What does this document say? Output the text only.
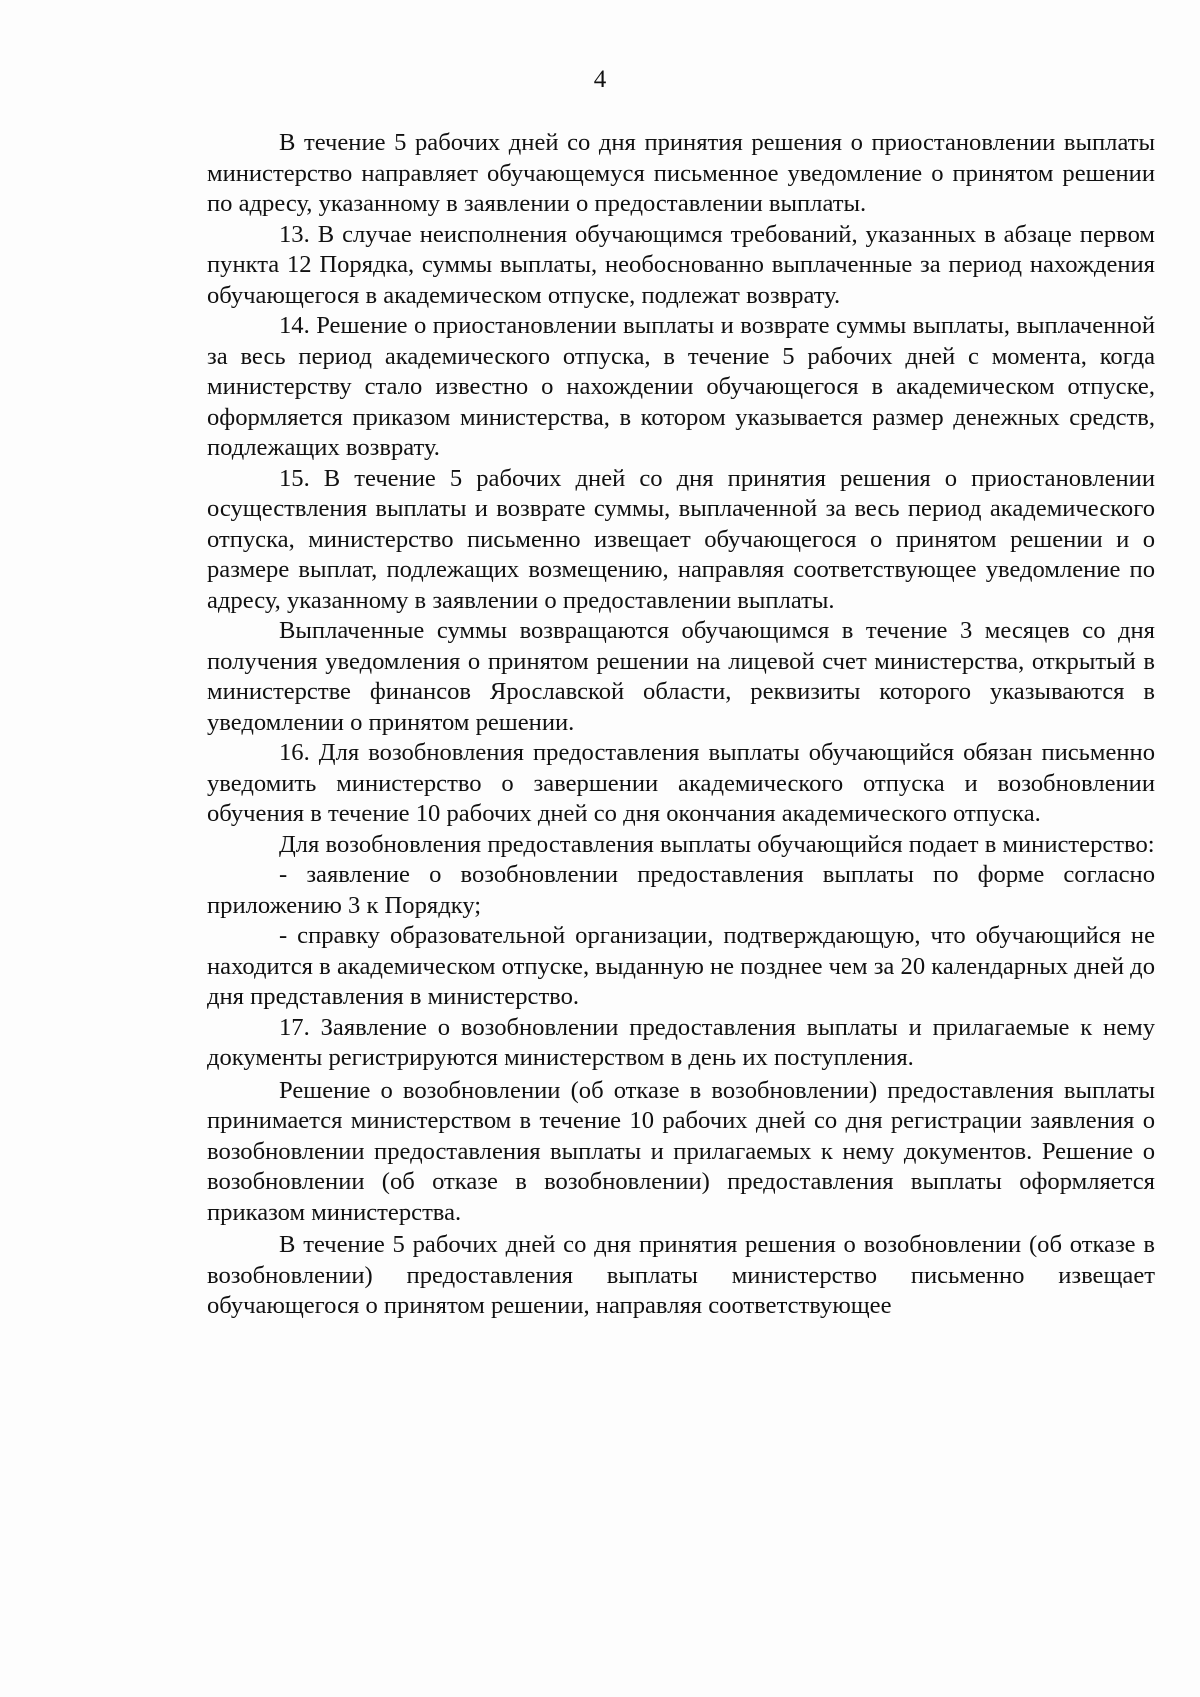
4

В течение 5 рабочих дней со дня принятия решения о приостановлении выплаты министерство направляет обучающемуся письменное уведомление о принятом решении по адресу, указанному в заявлении о предоставлении выплаты.

13. В случае неисполнения обучающимся требований, указанных в абзаце первом пункта 12 Порядка, суммы выплаты, необоснованно выплаченные за период нахождения обучающегося в академическом отпуске, подлежат возврату.

14. Решение о приостановлении выплаты и возврате суммы выплаты, выплаченной за весь период академического отпуска, в течение 5 рабочих дней с момента, когда министерству стало известно о нахождении обучающегося в академическом отпуске, оформляется приказом министерства, в котором указывается размер денежных средств, подлежащих возврату.

15. В течение 5 рабочих дней со дня принятия решения о приостановлении осуществления выплаты и возврате суммы, выплаченной за весь период академического отпуска, министерство письменно извещает обучающегося о принятом решении и о размере выплат, подлежащих возмещению, направляя соответствующее уведомление по адресу, указанному в заявлении о предоставлении выплаты.

Выплаченные суммы возвращаются обучающимся в течение 3 месяцев со дня получения уведомления о принятом решении на лицевой счет министерства, открытый в министерстве финансов Ярославской области, реквизиты которого указываются в уведомлении о принятом решении.

16. Для возобновления предоставления выплаты обучающийся обязан письменно уведомить министерство о завершении академического отпуска и возобновлении обучения в течение 10 рабочих дней со дня окончания академического отпуска.

Для возобновления предоставления выплаты обучающийся подает в министерство:

- заявление о возобновлении предоставления выплаты по форме согласно приложению 3 к Порядку;

- справку образовательной организации, подтверждающую, что обучающийся не находится в академическом отпуске, выданную не позднее чем за 20 календарных дней до дня представления в министерство.

17. Заявление о возобновлении предоставления выплаты и прилагаемые к нему документы регистрируются министерством в день их поступления.

Решение о возобновлении (об отказе в возобновлении) предоставления выплаты принимается министерством в течение 10 рабочих дней со дня регистрации заявления о возобновлении предоставления выплаты и прилагаемых к нему документов. Решение о возобновлении (об отказе в возобновлении) предоставления выплаты оформляется приказом министерства.

В течение 5 рабочих дней со дня принятия решения о возобновлении (об отказе в возобновлении) предоставления выплаты министерство письменно извещает обучающегося о принятом решении, направляя соответствующее
